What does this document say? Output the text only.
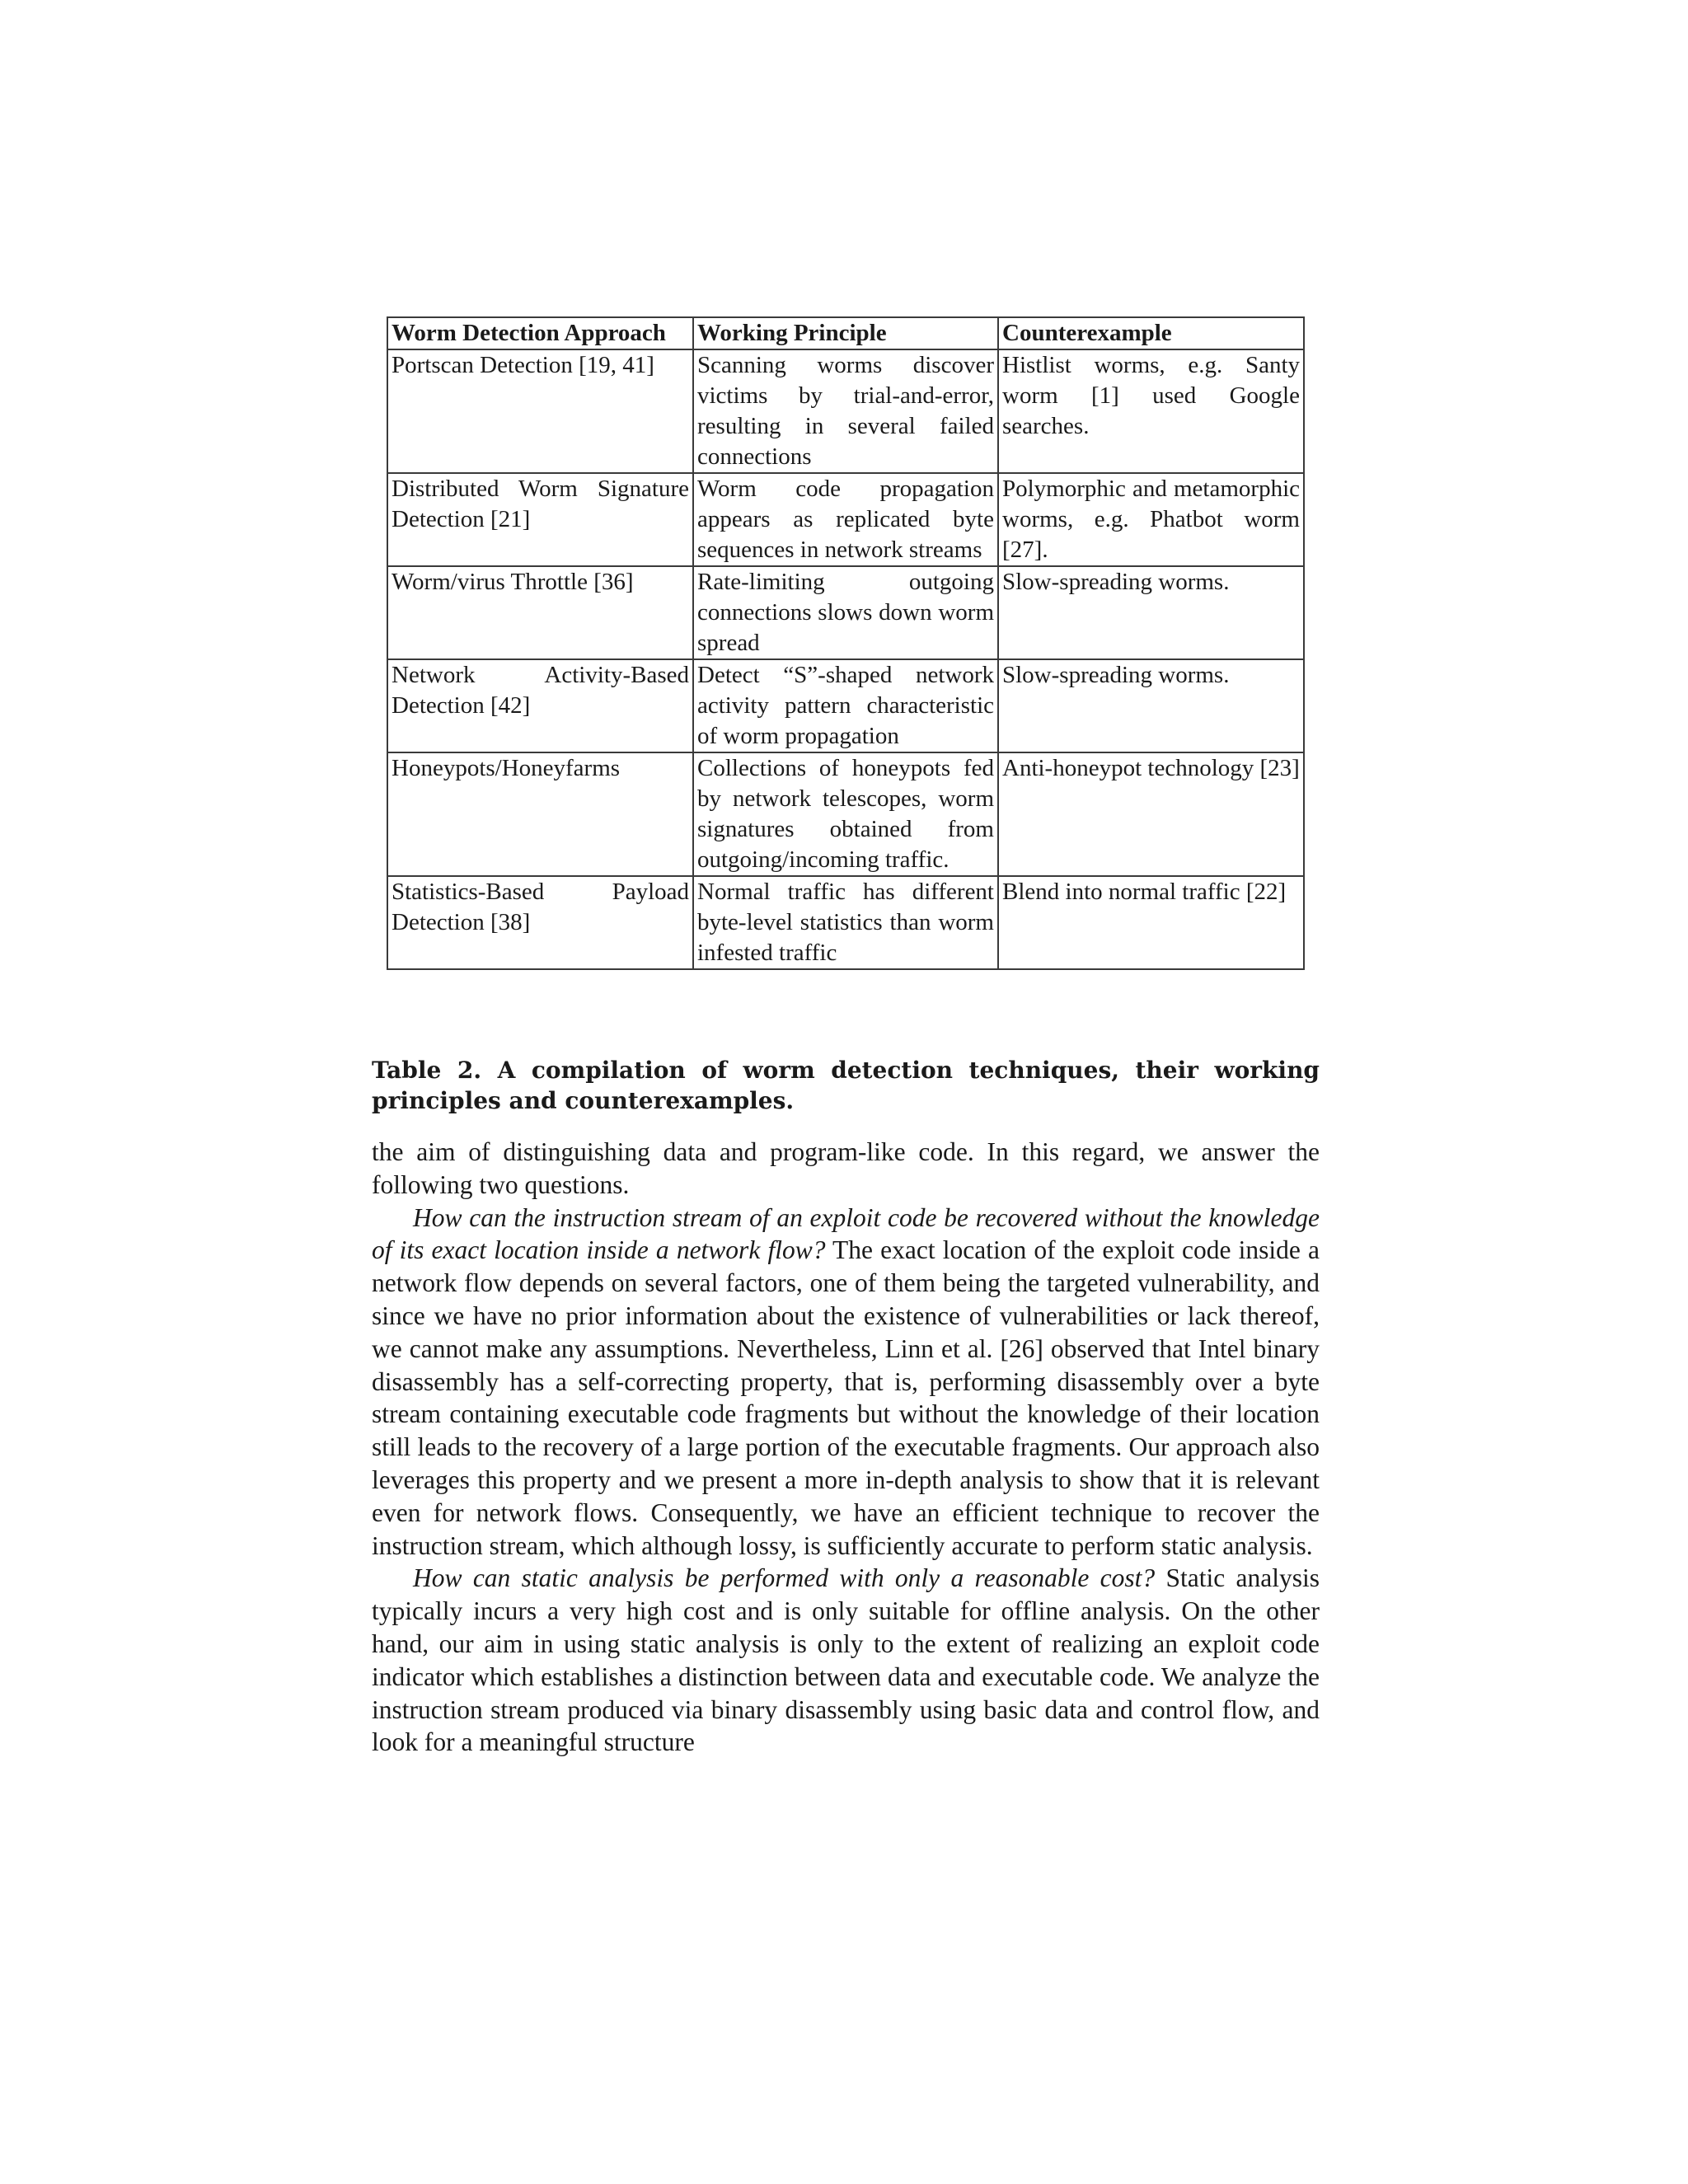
Worm Detection Approach	Working Principle	Counterexample
Portscan Detection [19, 41]	Scanning worms discover victims by trial-and-error, resulting in several failed connections	Histlist worms, e.g. Santy worm [1] used Google searches.
Distributed Worm Signature Detection [21]	Worm code propagation appears as replicated byte sequences in network streams	Polymorphic and metamorphic worms, e.g. Phatbot worm [27].
Worm/virus Throttle [36]	Rate-limiting outgoing connections slows down worm spread	Slow-spreading worms.
Network Activity-Based Detection [42]	Detect “S”-shaped network activity pattern characteristic of worm propagation	Slow-spreading worms.
Honeypots/Honeyfarms	Collections of honeypots fed by network telescopes, worm signatures obtained from outgoing/incoming traffic.	Anti-honeypot technology [23]
Statistics-Based Payload Detection [38]	Normal traffic has different byte-level statistics than worm infested traffic	Blend into normal traffic [22]

Table 2. A compilation of worm detection techniques, their working principles and counterexamples.

the aim of distinguishing data and program-like code. In this regard, we answer the following two questions.

How can the instruction stream of an exploit code be recovered without the knowledge of its exact location inside a network flow? The exact location of the exploit code inside a network flow depends on several factors, one of them being the targeted vulnerability, and since we have no prior information about the existence of vulnerabilities or lack thereof, we cannot make any assumptions. Nevertheless, Linn et al. [26] observed that Intel binary disassembly has a self-correcting property, that is, performing disassembly over a byte stream containing executable code fragments but without the knowledge of their location still leads to the recovery of a large portion of the executable fragments. Our approach also leverages this property and we present a more in-depth analysis to show that it is relevant even for network flows. Consequently, we have an efficient technique to recover the instruction stream, which although lossy, is sufficiently accurate to perform static analysis.

How can static analysis be performed with only a reasonable cost? Static analysis typically incurs a very high cost and is only suitable for offline analysis. On the other hand, our aim in using static analysis is only to the extent of realizing an exploit code indicator which establishes a distinction between data and executable code. We analyze the instruction stream produced via binary disassembly using basic data and control flow, and look for a meaningful structure
